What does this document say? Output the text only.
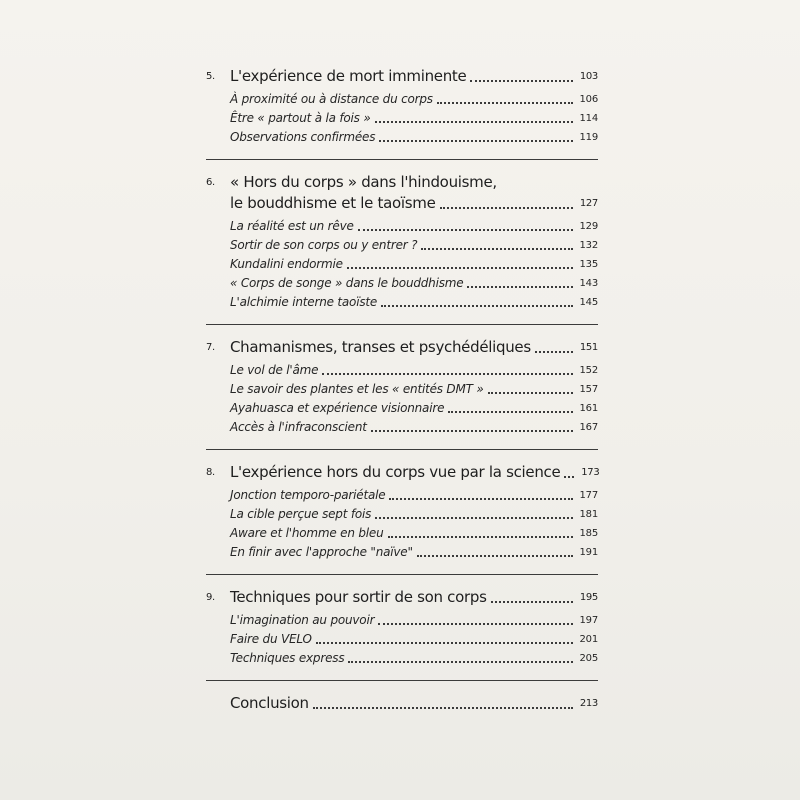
5.	L'expérience de mort imminente	103
À proximité ou à distance du corps	106
Être « partout à la fois »	114
Observations confirmées	119
6.	« Hors du corps » dans l'hindouisme,
le bouddhisme et le taoïsme	127
La réalité est un rêve	129
Sortir de son corps ou y entrer ?	132
Kundalini endormie	135
« Corps de songe » dans le bouddhisme	143
L'alchimie interne taoïste	145
7.	Chamanismes, transes et psychédéliques	151
Le vol de l'âme	152
Le savoir des plantes et les « entités DMT »	157
Ayahuasca et expérience visionnaire	161
Accès à l'infraconscient	167
8.	L'expérience hors du corps vue par la science	173
Jonction temporo-pariétale	177
La cible perçue sept fois	181
Aware et l'homme en bleu	185
En finir avec l'approche "naïve"	191
9.	Techniques pour sortir de son corps	195
L'imagination au pouvoir	197
Faire du VELO	201
Techniques express	205
Conclusion	213
